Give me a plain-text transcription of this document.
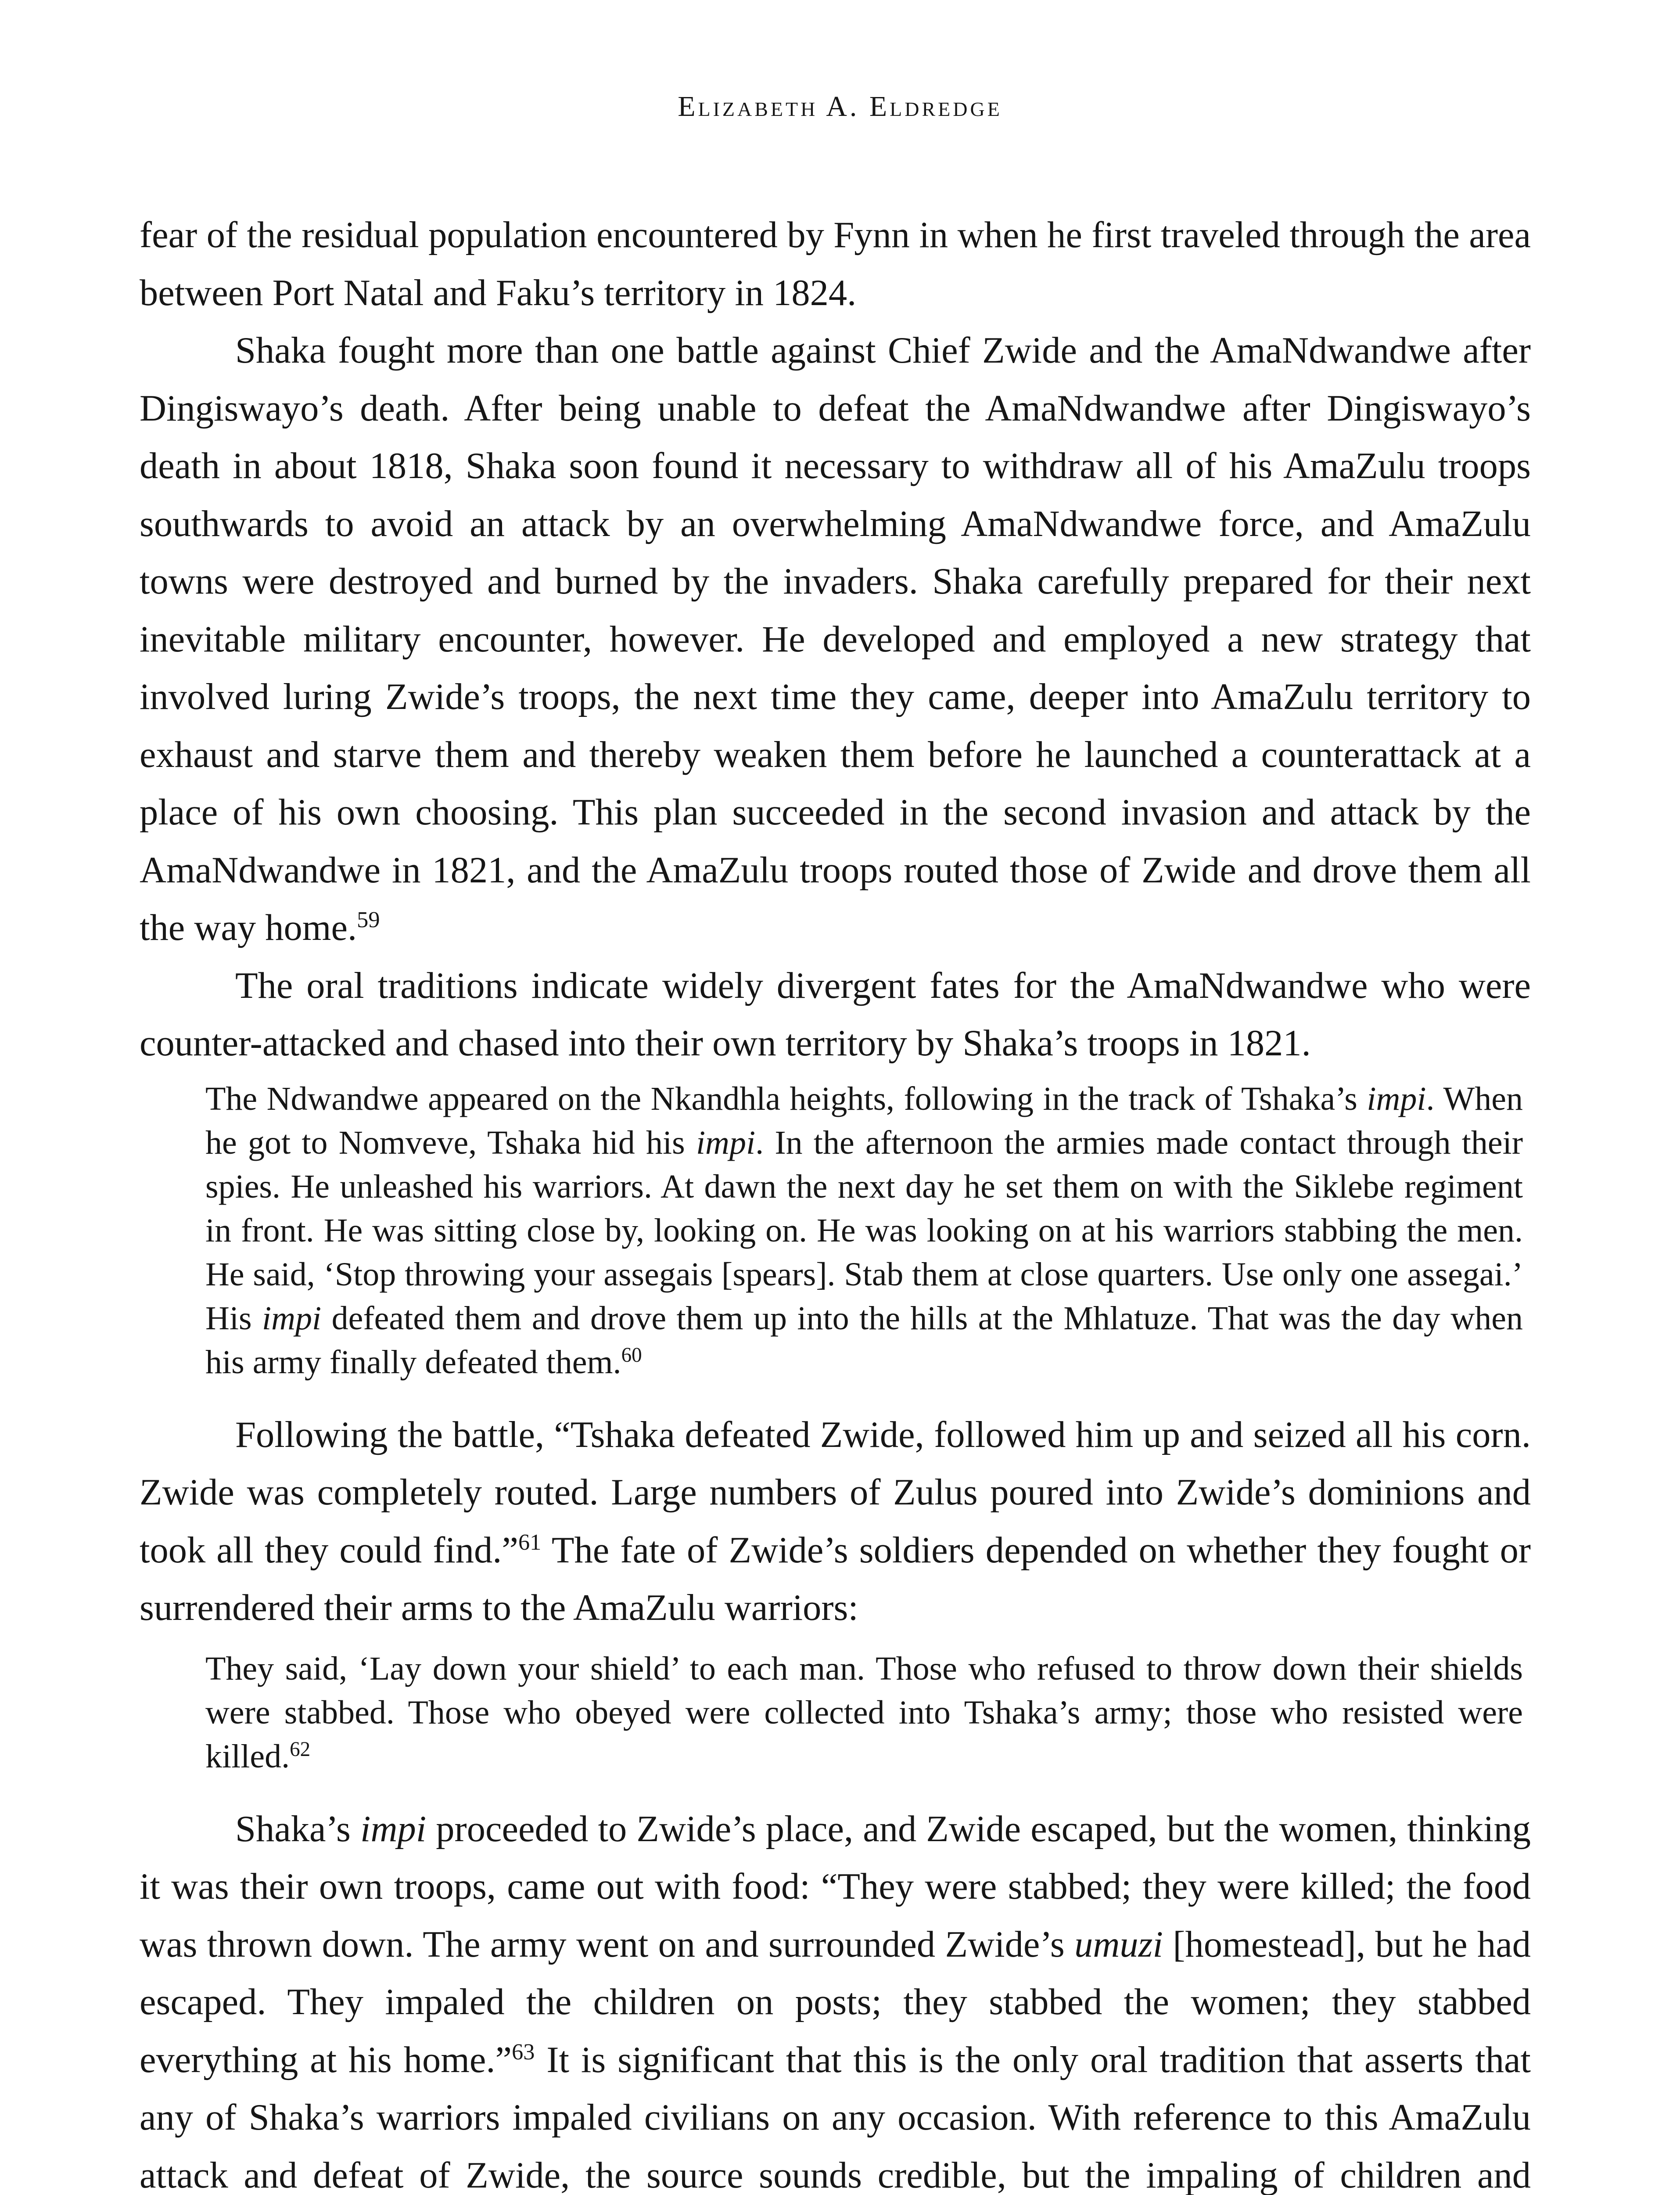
Elizabeth A. Eldredge

fear of the residual population encountered by Fynn in when he first traveled through the area between Port Natal and Faku’s territory in 1824.

Shaka fought more than one battle against Chief Zwide and the AmaNdwandwe after Dingiswayo’s death. After being unable to defeat the AmaNdwandwe after Dingiswayo’s death in about 1818, Shaka soon found it necessary to withdraw all of his AmaZulu troops southwards to avoid an attack by an overwhelming AmaNdwandwe force, and AmaZulu towns were destroyed and burned by the invaders. Shaka carefully prepared for their next inevitable military encounter, however. He developed and employed a new strategy that involved luring Zwide’s troops, the next time they came, deeper into AmaZulu territory to exhaust and starve them and thereby weaken them before he launched a counterattack at a place of his own choosing. This plan succeeded in the second invasion and attack by the AmaNdwandwe in 1821, and the AmaZulu troops routed those of Zwide and drove them all the way home.$^{59}$

The oral traditions indicate widely divergent fates for the AmaNdwandwe who were counter-attacked and chased into their own territory by Shaka’s troops in 1821.

The Ndwandwe appeared on the Nkandhla heights, following in the track of Tshaka’s impi. When he got to Nomveve, Tshaka hid his impi. In the afternoon the armies made contact through their spies. He unleashed his warriors. At dawn the next day he set them on with the Siklebe regiment in front. He was sitting close by, looking on. He was looking on at his warriors stabbing the men. He said, ‘Stop throwing your assegais [spears]. Stab them at close quarters. Use only one assegai.’ His impi defeated them and drove them up into the hills at the Mhlatuze. That was the day when his army finally defeated them.$^{60}$

Following the battle, “Tshaka defeated Zwide, followed him up and seized all his corn. Zwide was completely routed. Large numbers of Zulus poured into Zwide’s dominions and took all they could find.”$^{61}$ The fate of Zwide’s soldiers depended on whether they fought or surrendered their arms to the AmaZulu warriors:

They said, ‘Lay down your shield’ to each man. Those who refused to throw down their shields were stabbed. Those who obeyed were collected into Tshaka’s army; those who resisted were killed.$^{62}$

Shaka’s impi proceeded to Zwide’s place, and Zwide escaped, but the women, thinking it was their own troops, came out with food: “They were stabbed; they were killed; the food was thrown down. The army went on and surrounded Zwide’s umuzi [homestead], but he had escaped. They impaled the children on posts; they stabbed the women; they stabbed everything at his home.”$^{63}$ It is significant that this is the only oral tradition that asserts that any of Shaka’s warriors impaled civilians on any occasion. With reference to this AmaZulu attack and defeat of Zwide, the source sounds credible, but the impaling of children and
